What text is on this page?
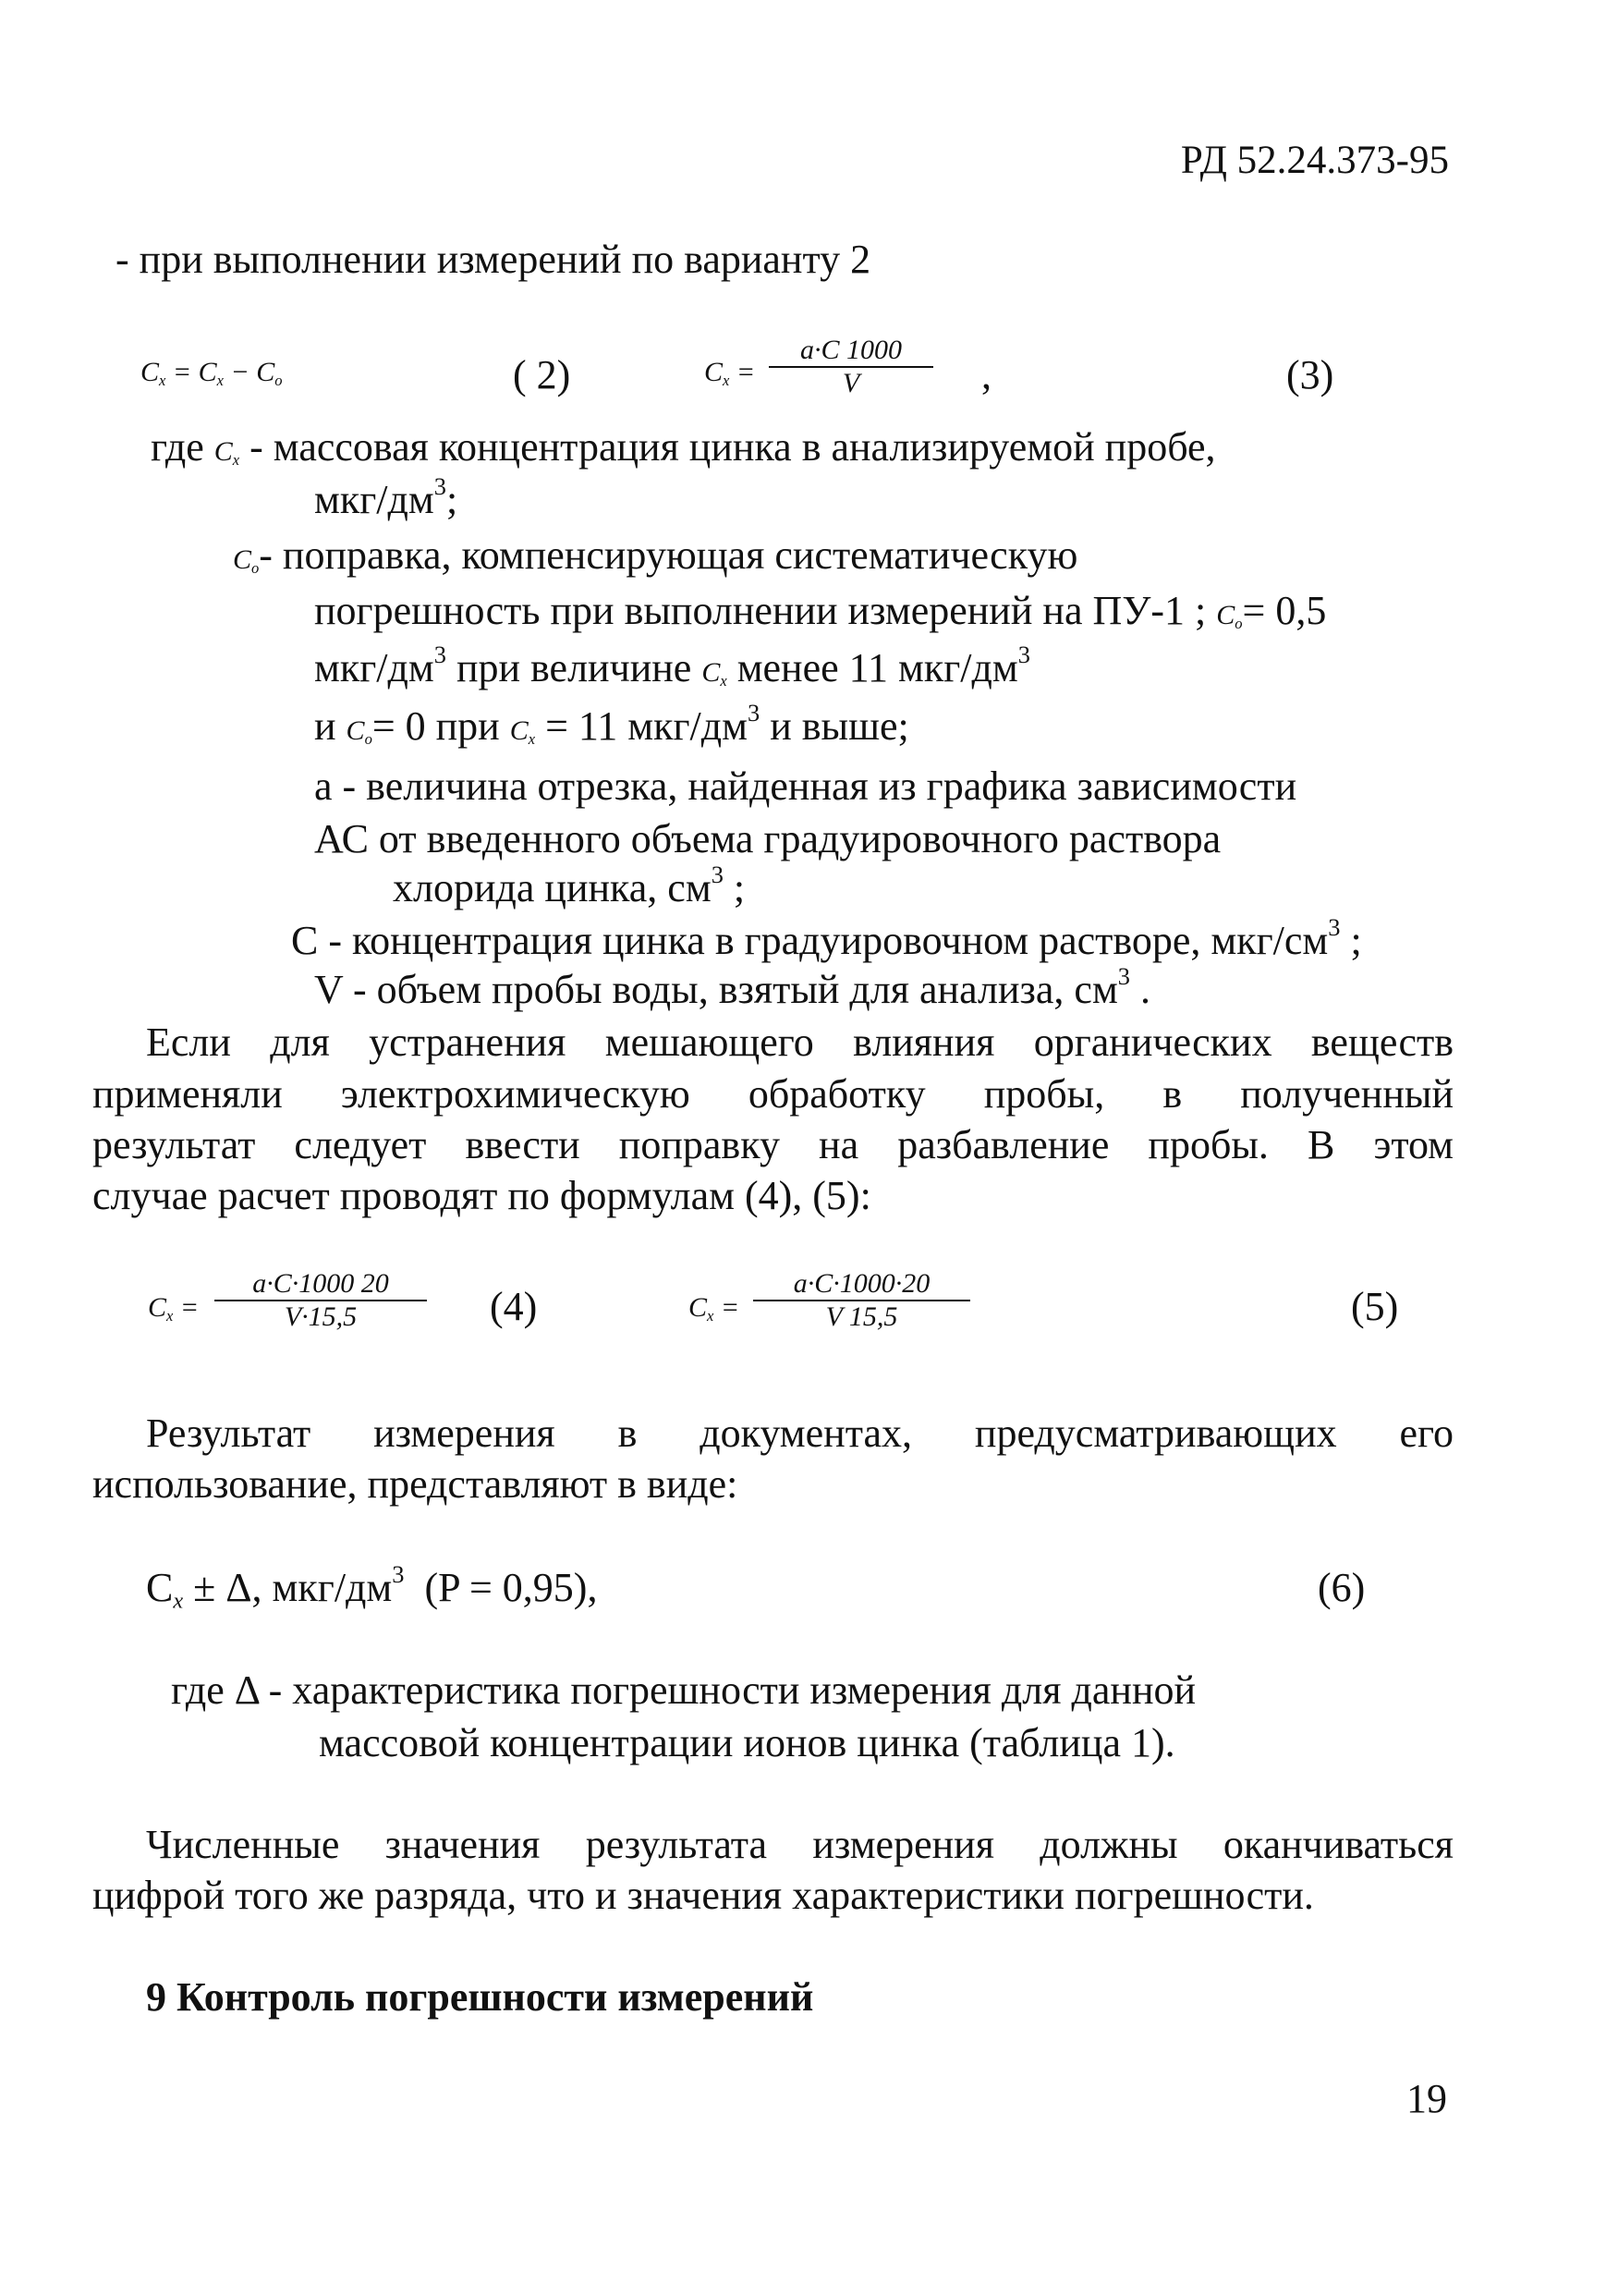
РД 52.24.373-95
- при выполнении измерений по варианту 2
$C_x = C_x - C_o$	( 2)	$C_x$ =
a·C 1000
V	,	(3)
где $C_x$ - массовая концентрация цинка в анализируемой пробе,
мкг/$дм^3$;
$C_o-$ поправка, компенсирующая систематическую
погрешность при выполнении измерений на ПУ-1 ; $C_o= 0,5$
мкг/$дм^3$ при величине $C_x$ менее 11 мкг/$дм^3$
и $C_o= 0$ при $C_x = 11$ мкг/$дм^3$ и выше;
а - величина отрезка, найденная из графика зависимости
АС от введенного объема градуировочного раствора
хлорида цинка, $см^3$ ;
С - концентрация цинка в градуировочном растворе, мкг/$см^3$ ;
V - объем пробы воды, взятый для анализа, $см^3$ .
Если для устранения мешающего влияния органических веществ
применяли электрохимическую обработку пробы, в полученный
результат следует ввести поправку на разбавление пробы. В этом
случае расчет проводят по формулам (4), (5):
$C_x$ =
a·C·1000 20
V·15,5	(4)	$C_x$ =
a·C·1000·20
V 15,5	(5)
Результат измерения в документах, предусматривающих его
использование, представляют в виде:
$C_x \pm \Delta$, мкг/$дм^3$ (P = 0,95),	(6)
где Δ - характеристика погрешности измерения для данной
массовой концентрации ионов цинка (таблица 1).
Численные значения результата измерения должны оканчиваться
цифрой того же разряда, что и значения характеристики погрешности.
9 Контроль погрешности измерений
19
